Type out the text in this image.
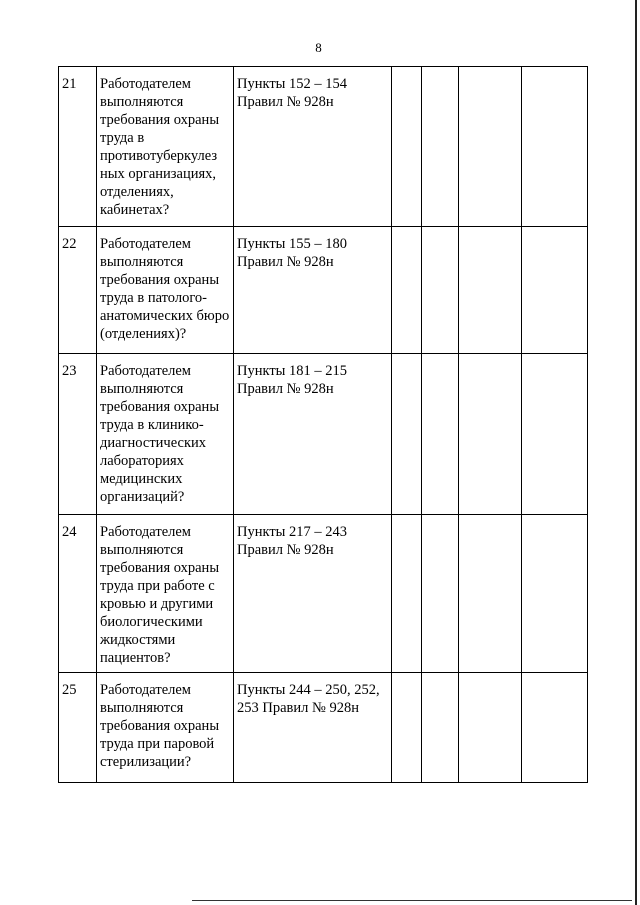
8
21	Работодателем выполняются требования охраны труда в противотуберкулез ных организациях, отделениях, кабинетах?	Пункты 152 – 154 Правил № 928н				
22	Работодателем выполняются требования охраны труда в патолого-анатомических бюро (отделениях)?	Пункты 155 – 180 Правил № 928н				
23	Работодателем выполняются требования охраны труда в клинико-диагностических лабораториях медицинских организаций?	Пункты 181 – 215 Правил № 928н				
24	Работодателем выполняются требования охраны труда при работе с кровью и другими биологическими жидкостями пациентов?	Пункты 217 – 243 Правил № 928н				
25	Работодателем выполняются требования охраны труда при паровой стерилизации?	Пункты 244 – 250, 252, 253 Правил № 928н				
